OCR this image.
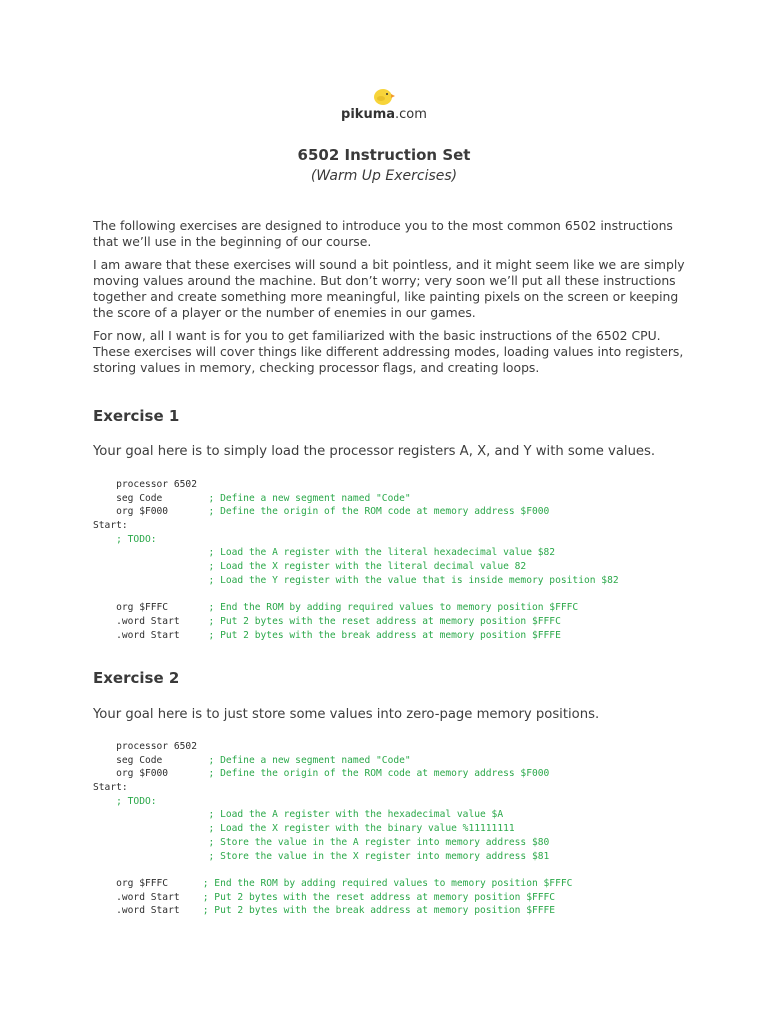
pikuma.com
6502 Instruction Set
(Warm Up Exercises)

The following exercises are designed to introduce you to the most common 6502 instructions

that we’ll use in the beginning of our course.

I am aware that these exercises will sound a bit pointless, and it might seem like we are simply

moving values around the machine. But don’t worry; very soon we’ll put all these instructions

together and create something more meaningful, like painting pixels on the screen or keeping

the score of a player or the number of enemies in our games.

For now, all I want is for you to get familiarized with the basic instructions of the 6502 CPU.

These exercises will cover things like different addressing modes, loading values into registers,

storing values in memory, checking processor flags, and creating loops.

Exercise 1
Your goal here is to simply load the processor registers A, X, and Y with some values.
processor 6502
seg Code        ; Define a new segment named "Code"
org $F000       ; Define the origin of the ROM code at memory address $F000
Start:
; TODO:
; Load the A register with the literal hexadecimal value $82
; Load the X register with the literal decimal value 82
; Load the Y register with the value that is inside memory position $82
org $FFFC       ; End the ROM by adding required values to memory position $FFFC
.word Start     ; Put 2 bytes with the reset address at memory position $FFFC
.word Start     ; Put 2 bytes with the break address at memory position $FFFE
Exercise 2
Your goal here is to just store some values into zero-page memory positions.
processor 6502
seg Code        ; Define a new segment named "Code"
org $F000       ; Define the origin of the ROM code at memory address $F000
Start:
; TODO:
; Load the A register with the hexadecimal value $A
; Load the X register with the binary value %11111111
; Store the value in the A register into memory address $80
; Store the value in the X register into memory address $81
org $FFFC      ; End the ROM by adding required values to memory position $FFFC
.word Start    ; Put 2 bytes with the reset address at memory position $FFFC
.word Start    ; Put 2 bytes with the break address at memory position $FFFE
